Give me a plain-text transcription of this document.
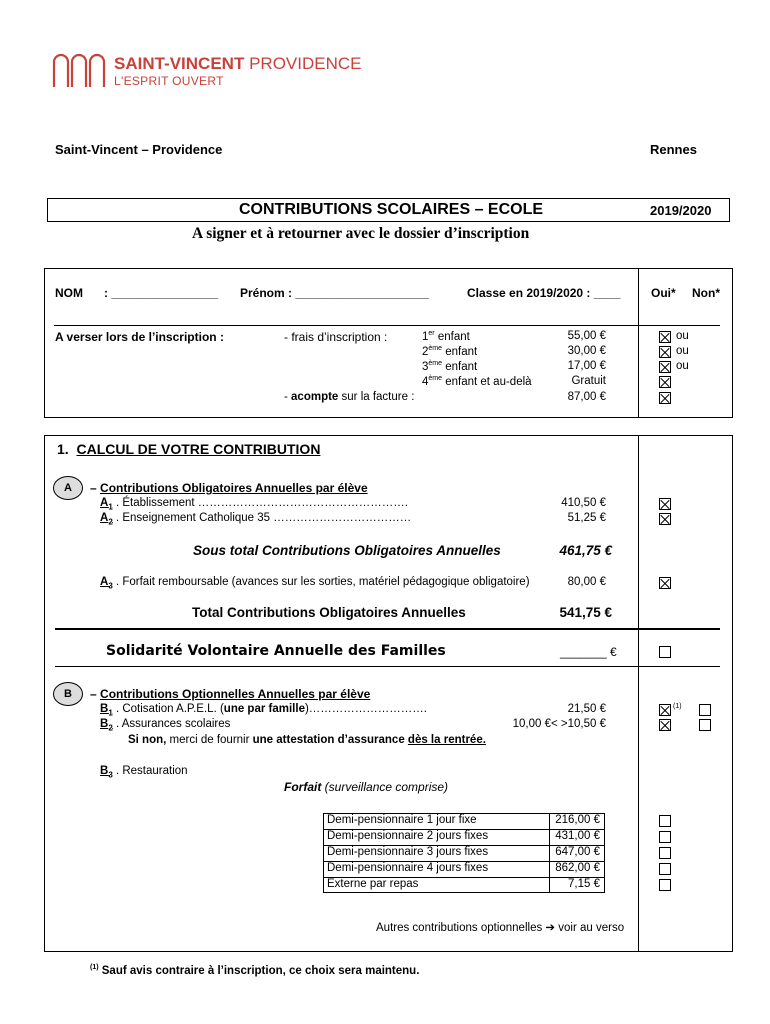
SAINT-VINCENT PROVIDENCE
L'ESPRIT OUVERT
Saint-Vincent – Providence	Rennes
CONTRIBUTIONS SCOLAIRES – ECOLE	2019/2020
A signer et à retourner avec le dossier d’inscription
NOM : ________________ Prénom : ____________________	Classe en 2019/2020 : ____	Oui* Non*
A verser lors de l’inscription :	- frais d’inscription :	1er enfant	55,00 €	ou
2ème enfant	30,00 €	ou
3ème enfant	17,00 €	ou
4ème enfant et au-delà	Gratuit
- acompte sur la facture :	87,00 €
1. CALCUL DE VOTRE CONTRIBUTION
A	– Contributions Obligatoires Annuelles par élève
$A_1$ . Établissement ……………………………………………….	410,50 €
$A_2$ . Enseignement Catholique 35 ………………………………	51,25 €
Sous total Contributions Obligatoires Annuelles	461,75 €
$A_3$ . Forfait remboursable (avances sur les sorties, matériel pédagogique obligatoire)	80,00 €
Total Contributions Obligatoires Annuelles	541,75 €
Solidarité Volontaire Annuelle des Familles	_______ €
B	– Contributions Optionnelles Annuelles par élève
$B_1$ . Cotisation A.P.E.L. (une par famille)………………………….	21,50 €	(1)
$B_2$ . Assurances scolaires	10,00 €< >10,50 €
Si non, merci de fournir une attestation d’assurance dès la rentrée.
$B_3$ . Restauration
Forfait (surveillance comprise)
Demi-pensionnaire 1 jour fixe	216,00 €
Demi-pensionnaire 2 jours fixes	431,00 €
Demi-pensionnaire 3 jours fixes	647,00 €
Demi-pensionnaire 4 jours fixes	862,00 €
Externe par repas	7,15 €
Autres contributions optionnelles ➔ voir au verso
$^{(1)}$ Sauf avis contraire à l’inscription, ce choix sera maintenu.
